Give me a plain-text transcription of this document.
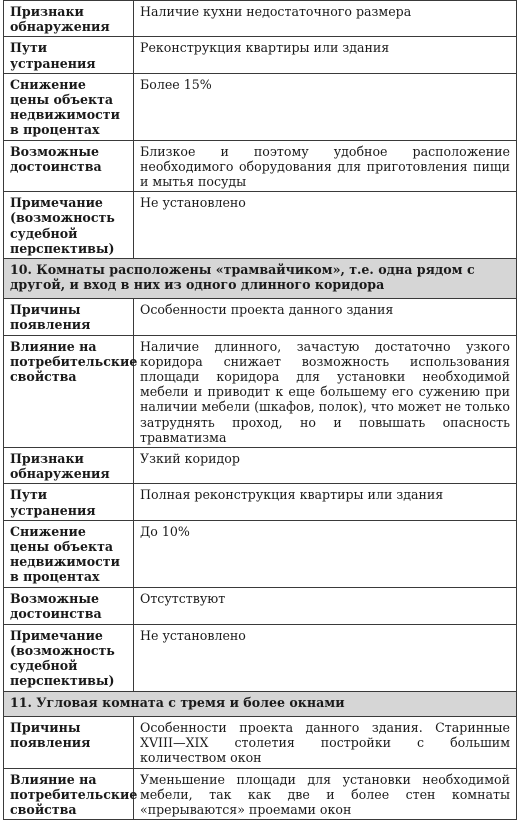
Признаки обнаружения	Наличие кухни недостаточного размера
Пути устранения	Реконструкция квартиры или здания
Снижение цены объекта недвижимости в процентах	Более 15%
Возможные достоинства	Близкое и поэтому удобное расположение необходимого оборудования для приготовления пищи и мытья посуды
Примечание (возможность судебной перспективы)	Не установлено
10. Комнаты расположены «трамвайчиком», т.е. одна рядом с другой, и вход в них из одного длинного коридора	
Причины появления	Особенности проекта данного здания
Влияние на потребительские свойства	Наличие длинного, зачастую достаточно узкого коридора снижает возможность использования площади коридора для установки необходимой мебели и приводит к еще большему его сужению при наличии мебели (шкафов, полок), что может не только затруднять проход, но и повышать опасность травматизма
Признаки обнаружения	Узкий коридор
Пути устранения	Полная реконструкция квартиры или здания
Снижение цены объекта недвижимости в процентах	До 10%
Возможные достоинства	Отсутствуют
Примечание (возможность судебной перспективы)	Не установлено
11. Угловая комната с тремя и более окнами	
Причины появления	Особенности проекта данного здания. Старинные XVIII—XIX столетия постройки с большим количеством окон
Влияние на потребительские свойства	Уменьшение площади для установки необходимой мебели, так как две и более стен комнаты «прерываются» проемами окон
